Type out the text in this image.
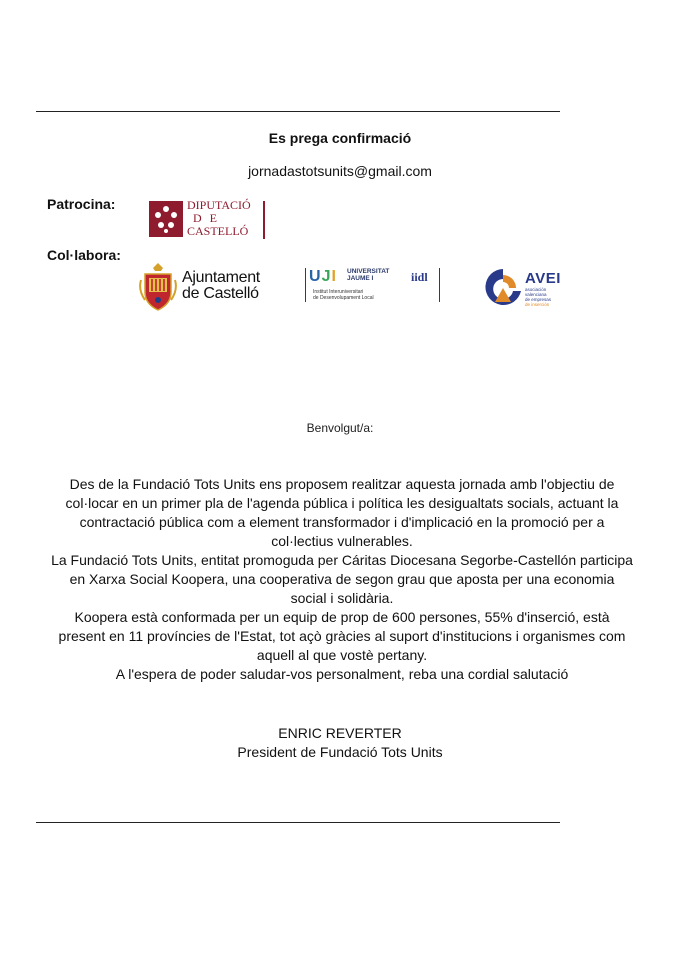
Es prega confirmació
jornadastotsunits@gmail.com
Patrocina:	DIPUTACIÓ
DE
CASTELLÓ
Col·labora:
Ajuntament
de Castelló
UJI UNIVERSITAT
JAUME I
Institut Interuniversitari
de Desenvolupament Local
iidl	AVEI
asociación
valenciana
de empresas
de inserción
Benvolgut/a:

Des de la Fundació Tots Units ens proposem realitzar aquesta jornada amb l'objectiu de col·locar en un primer pla de l'agenda pública i política les desigualtats socials, actuant la contractació pública com a element transformador i d'implicació en la promoció per a col·lectius vulnerables.

La Fundació Tots Units, entitat promoguda per Cáritas Diocesana Segorbe-Castellón participa en Xarxa Social Koopera, una cooperativa de segon grau que aposta per una economia social i solidària.

Koopera està conformada per un equip de prop de 600 persones, 55% d'inserció, està present en 11 províncies de l'Estat, tot açò gràcies al suport d'institucions i organismes com aquell al que vostè pertany.

A l'espera de poder saludar-vos personalment, reba una cordial salutació

ENRIC REVERTER
President de Fundació Tots Units
